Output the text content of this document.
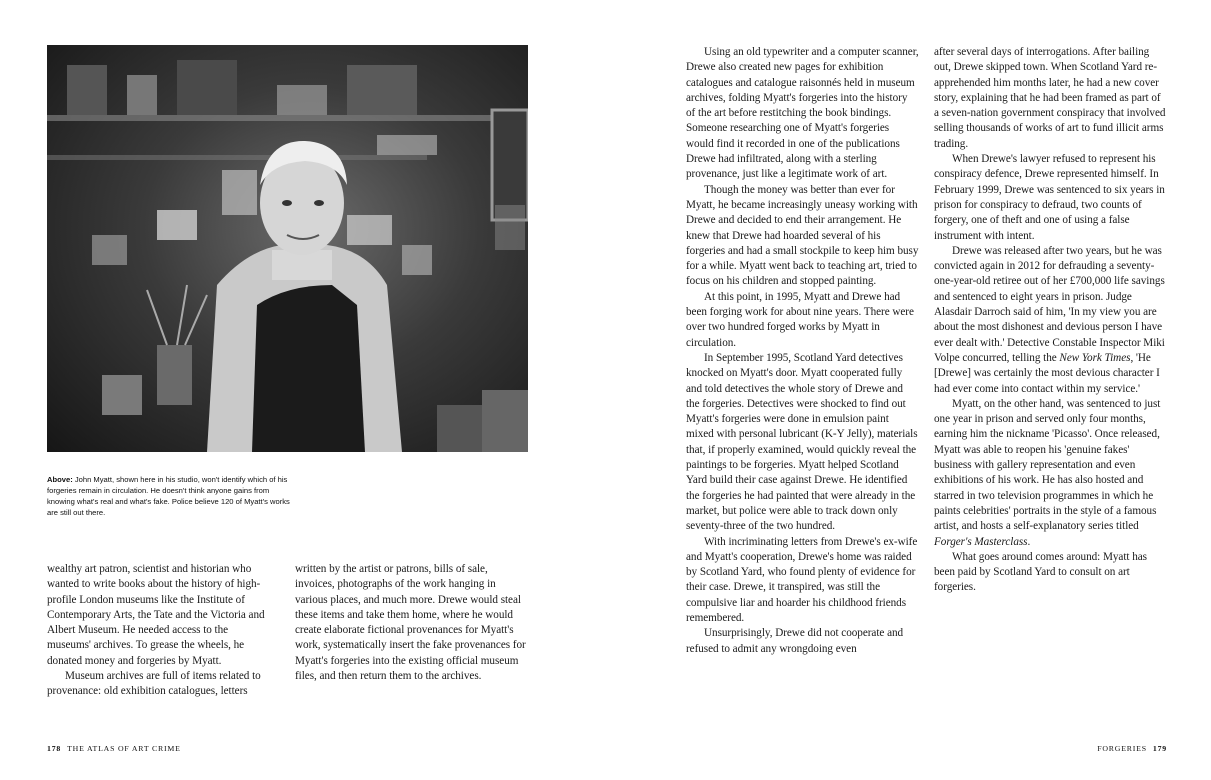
Above: John Myatt, shown here in his studio, won't identify which of his forgeries remain in circulation. He doesn't think anyone gains from knowing what's real and what's fake. Police believe 120 of Myatt's works are still out there.

wealthy art patron, scientist and historian who wanted to write books about the history of high-profile London museums like the Institute of Contemporary Arts, the Tate and the Victoria and Albert Museum. He needed access to the museums' archives. To grease the wheels, he donated money and forgeries by Myatt.

Museum archives are full of items related to provenance: old exhibition catalogues, letters

written by the artist or patrons, bills of sale, invoices, photographs of the work hanging in various places, and much more. Drewe would steal these items and take them home, where he would create elaborate fictional provenances for Myatt's work, systematically insert the fake provenances for Myatt's forgeries into the existing official museum files, and then return them to the archives.

Using an old typewriter and a computer scanner, Drewe also created new pages for exhibition catalogues and catalogue raisonnés held in museum archives, folding Myatt's forgeries into the history of the art before restitching the book bindings. Someone researching one of Myatt's forgeries would find it recorded in one of the publications Drewe had infiltrated, along with a sterling provenance, just like a legitimate work of art.

Though the money was better than ever for Myatt, he became increasingly uneasy working with Drewe and decided to end their arrangement. He knew that Drewe had hoarded several of his forgeries and had a small stockpile to keep him busy for a while. Myatt went back to teaching art, tried to focus on his children and stopped painting.

At this point, in 1995, Myatt and Drewe had been forging work for about nine years. There were over two hundred forged works by Myatt in circulation.

In September 1995, Scotland Yard detectives knocked on Myatt's door. Myatt cooperated fully and told detectives the whole story of Drewe and the forgeries. Detectives were shocked to find out Myatt's forgeries were done in emulsion paint mixed with personal lubricant (K-Y Jelly), materials that, if properly examined, would quickly reveal the paintings to be forgeries. Myatt helped Scotland Yard build their case against Drewe. He identified the forgeries he had painted that were already in the market, but police were able to track down only seventy-three of the two hundred.

With incriminating letters from Drewe's ex-wife and Myatt's cooperation, Drewe's home was raided by Scotland Yard, who found plenty of evidence for their case. Drewe, it transpired, was still the compulsive liar and hoarder his childhood friends remembered.

Unsurprisingly, Drewe did not cooperate and refused to admit any wrongdoing even

after several days of interrogations. After bailing out, Drewe skipped town. When Scotland Yard re-apprehended him months later, he had a new cover story, explaining that he had been framed as part of a seven-nation government conspiracy that involved selling thousands of works of art to fund illicit arms trading.

When Drewe's lawyer refused to represent his conspiracy defence, Drewe represented himself. In February 1999, Drewe was sentenced to six years in prison for conspiracy to defraud, two counts of forgery, one of theft and one of using a false instrument with intent.

Drewe was released after two years, but he was convicted again in 2012 for defrauding a seventy-one-year-old retiree out of her £700,000 life savings and sentenced to eight years in prison. Judge Alasdair Darroch said of him, 'In my view you are about the most dishonest and devious person I have ever dealt with.' Detective Constable Inspector Miki Volpe concurred, telling the New York Times, 'He [Drewe] was certainly the most devious character I had ever come into contact within my service.'

Myatt, on the other hand, was sentenced to just one year in prison and served only four months, earning him the nickname 'Picasso'. Once released, Myatt was able to reopen his 'genuine fakes' business with gallery representation and even exhibitions of his work. He has also hosted and starred in two television programmes in which he paints celebrities' portraits in the style of a famous artist, and hosts a self-explanatory series titled Forger's Masterclass.

What goes around comes around: Myatt has been paid by Scotland Yard to consult on art forgeries.

178 THE ATLAS OF ART CRIME	FORGERIES 179
